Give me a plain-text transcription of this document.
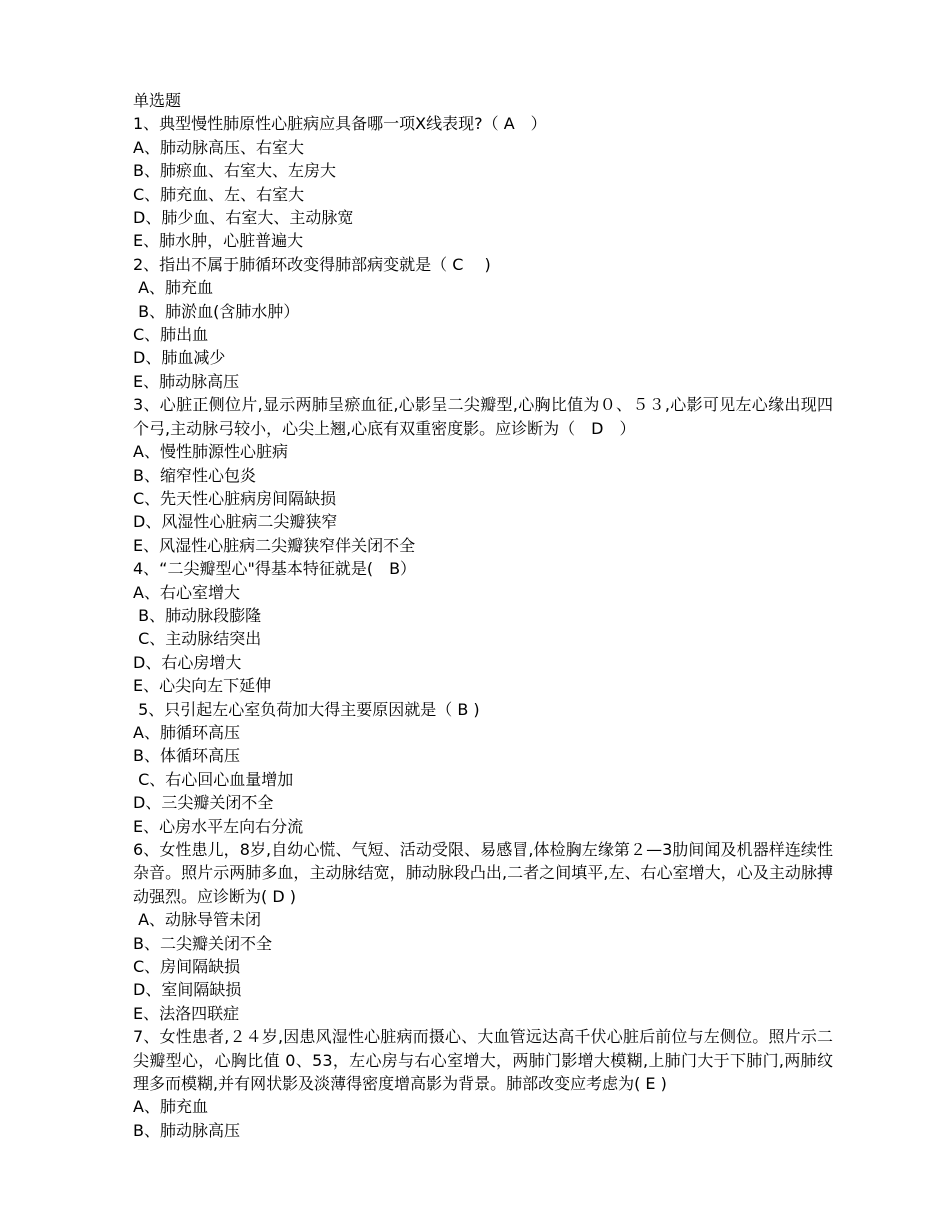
单选题
1、典型慢性肺原性心脏病应具备哪一项X线表现?（ A　）
A、肺动脉高压、右室大
B、肺瘀血、右室大、左房大
C、肺充血、左、右室大
D、肺少血、右室大、主动脉宽
E、肺水肿，心脏普遍大
2、指出不属于肺循环改变得肺部病变就是（ C　 )
A、肺充血
B、肺淤血(含肺水肿）
C、肺出血
D、肺血减少
E、肺动脉高压
3、心脏正侧位片,显示两肺呈瘀血征,心影呈二尖瓣型,心胸比值为０、５３,心影可见左心缘出现四个弓,主动脉弓较小，心尖上翘,心底有双重密度影。应诊断为（　D　）
A、慢性肺源性心脏病
B、缩窄性心包炎
C、先天性心脏病房间隔缺损
D、风湿性心脏病二尖瓣狭窄
E、风湿性心脏病二尖瓣狭窄伴关闭不全
4、“二尖瓣型心"得基本特征就是(　B）
A、右心室增大
B、肺动脉段膨隆
C、主动脉结突出
D、右心房增大
E、心尖向左下延伸
5、只引起左心室负荷加大得主要原因就是（ B )
A、肺循环高压
B、体循环高压
C、右心回心血量增加
D、三尖瓣关闭不全
E、心房水平左向右分流
6、女性患儿，8岁,自幼心慌、气短、活动受限、易感冒,体检胸左缘第２—3肋间闻及机器样连续性杂音。照片示两肺多血，主动脉结宽，肺动脉段凸出,二者之间填平,左、右心室增大，心及主动脉搏动强烈。应诊断为( D )
A、动脉导管未闭
B、二尖瓣关闭不全
C、房间隔缺损
D、室间隔缺损
E、法洛四联症
7、女性患者,２４岁,因患风湿性心脏病而摄心、大血管远达高千伏心脏后前位与左侧位。照片示二尖瓣型心，心胸比值 0、53，左心房与右心室增大，两肺门影增大模糊,上肺门大于下肺门,两肺纹理多而模糊,并有网状影及淡薄得密度增高影为背景。肺部改变应考虑为( E )
A、肺充血
B、肺动脉高压
